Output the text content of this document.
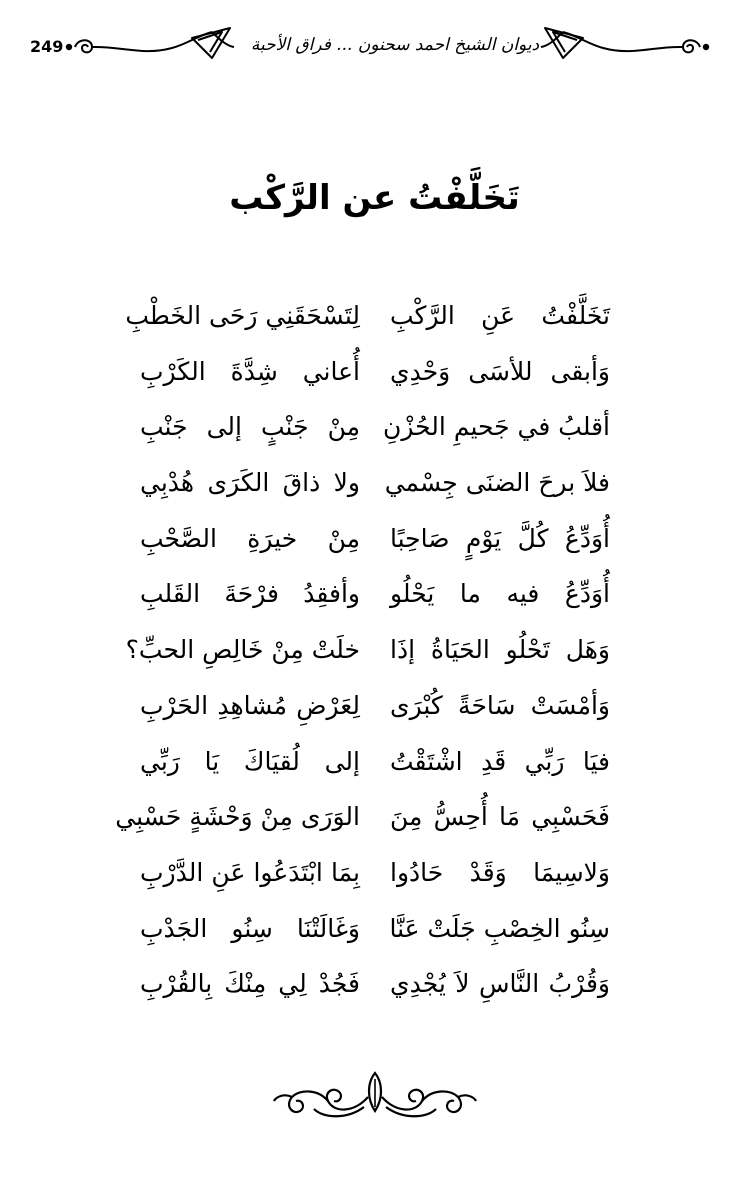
249	ديوان الشيخ احمد سحنون ... فراق الأحبة
تَخَلَّفْتُ عن الرَّكْب
تَخَلَّفْتُ عَنِ الرَّكْبِ
لِتَسْحَقَنِي رَحَى الخَطْبِ
وَأبقى للأسَى وَحْدِي
أُعاني شِدَّةَ الكَرْبِ
أقلبُ في جَحيمِ الحُزْنِ
مِنْ جَنْبٍ إلى جَنْبِ
فلاَ برحَ الضنَى جِسْمي
ولا ذاقَ الكَرَى هُدْبِي
أُوَدِّعُ كُلَّ يَوْمٍ صَاحِبًا
مِنْ خيرَةِ الصَّحْبِ
أُوَدِّعُ فيه ما يَحْلُو
وأفقِدُ فرْحَةَ القَلبِ
وَهَل تَحْلُو الحَيَاةُ إذَا
خلَتْ مِنْ خَالِصِ الحبِّ؟
وَأمْسَتْ سَاحَةً كُبْرَى
لِعَرْضِ مُشاهِدِ الحَرْبِ
فيَا رَبِّي قَدِ اشْتَقْتُ
إلى لُقيَاكَ يَا رَبِّي
فَحَسْبِي مَا أُحِسُّ مِنَ
الوَرَى مِنْ وَحْشَةٍ حَسْبِي
وَلاسِيمَا وَقَدْ حَادُوا
بِمَا ابْتَدَعُوا عَنِ الدَّرْبِ
سِنُو الخِصْبِ جَلَتْ عَنَّا
وَغَالَتْنَا سِنُو الجَدْبِ
وَقُرْبُ النَّاسِ لاَ يُجْدِي
فَجُدْ لِي مِنْكَ بِالقُرْبِ
